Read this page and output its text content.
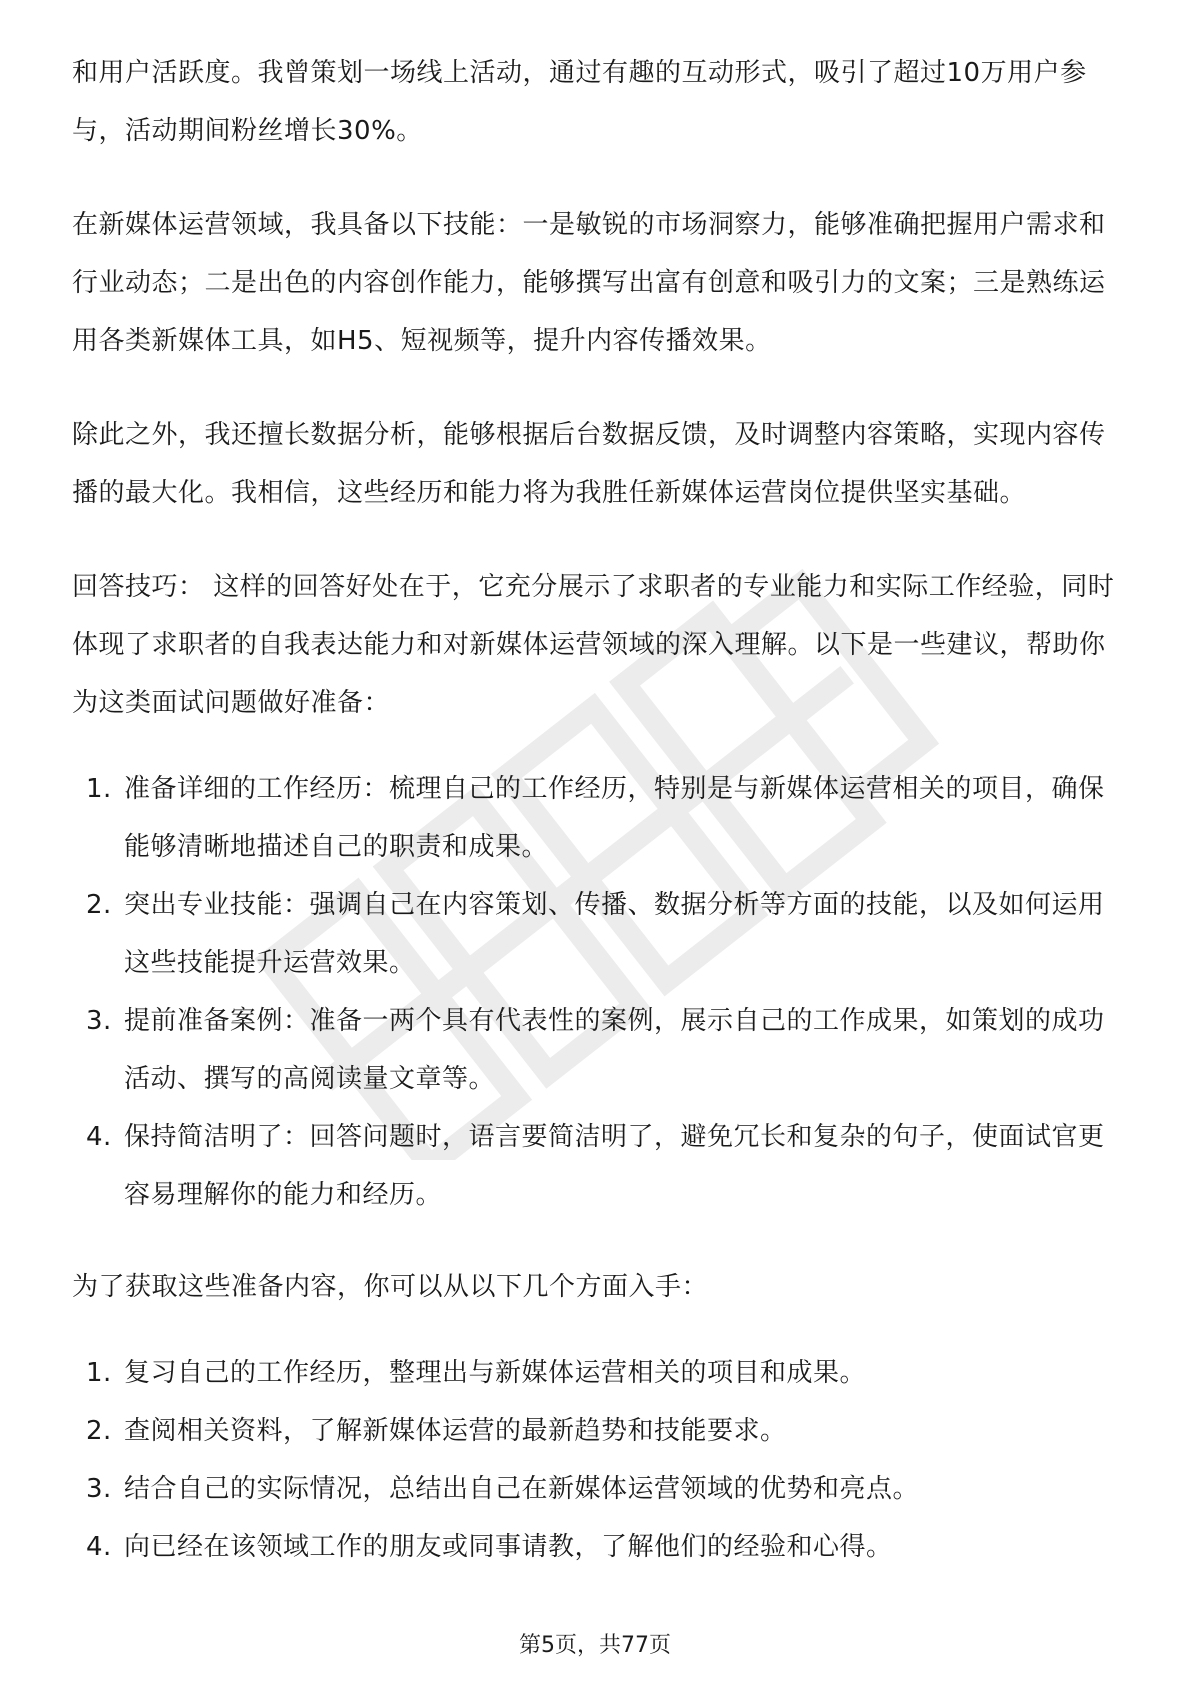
和用户活跃度。我曾策划一场线上活动，通过有趣的互动形式，吸引了超过10万用户参与，活动期间粉丝增长30%。

在新媒体运营领域，我具备以下技能：一是敏锐的市场洞察力，能够准确把握用户需求和行业动态；二是出色的内容创作能力，能够撰写出富有创意和吸引力的文案；三是熟练运用各类新媒体工具，如H5、短视频等，提升内容传播效果。

除此之外，我还擅长数据分析，能够根据后台数据反馈，及时调整内容策略，实现内容传播的最大化。我相信，这些经历和能力将为我胜任新媒体运营岗位提供坚实基础。

回答技巧： 这样的回答好处在于，它充分展示了求职者的专业能力和实际工作经验，同时体现了求职者的自我表达能力和对新媒体运营领域的深入理解。以下是一些建议，帮助你为这类面试问题做好准备：

1. 准备详细的工作经历：梳理自己的工作经历，特别是与新媒体运营相关的项目，确保能够清晰地描述自己的职责和成果。
2. 突出专业技能：强调自己在内容策划、传播、数据分析等方面的技能，以及如何运用这些技能提升运营效果。
3. 提前准备案例：准备一两个具有代表性的案例，展示自己的工作成果，如策划的成功活动、撰写的高阅读量文章等。
4. 保持简洁明了：回答问题时，语言要简洁明了，避免冗长和复杂的句子，使面试官更容易理解你的能力和经历。

为了获取这些准备内容，你可以从以下几个方面入手：

1. 复习自己的工作经历，整理出与新媒体运营相关的项目和成果。
2. 查阅相关资料，了解新媒体运营的最新趋势和技能要求。
3. 结合自己的实际情况，总结出自己在新媒体运营领域的优势和亮点。
4. 向已经在该领域工作的朋友或同事请教，了解他们的经验和心得。
第5页，共77页
